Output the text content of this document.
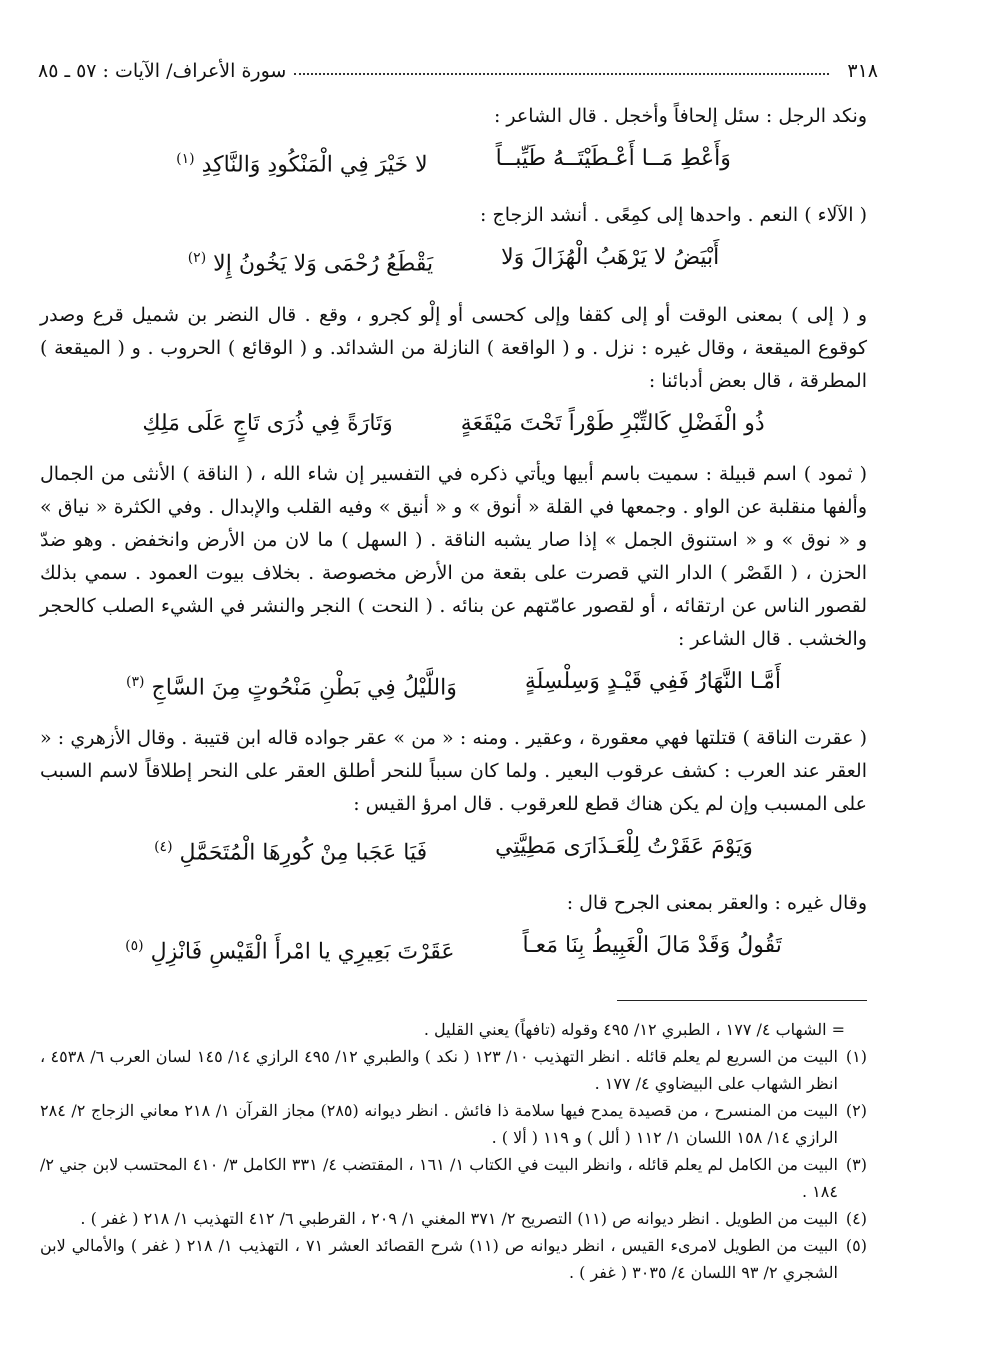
٣١٨
سورة الأعراف/ الآيات : ٥٧ ـ ٨٥

ونكد الرجل : سئل إلحافاً وأخجل . قال الشاعر :

وَأَعْطِ مَــا أَعْـطَيْتَــهُ طَيِّبــاً
لا خَيْرَ فِي الْمَنْكُودِ وَالنَّاكِدِ $^{(١)}$

( الآلاء ) النعم . واحدها إلى كمِعًى . أنشد الزجاج :

أَبْيَضُ لا يَرْهَبُ الْهُزَالَ وَلا
يَقْطَعُ رُحْمَى وَلا يَخُونُ إِلا $^{(٢)}$

و ( إلى ) بمعنى الوقت أو إلى كقفا وإلى كحسى أو إلْو كجرو ، وقع . قال النضر بن شميل قرع وصدر كوقوع الميقعة ، وقال غيره : نزل . و ( الواقعة ) النازلة من الشدائد. و ( الوقائع ) الحروب . و ( الميقعة ) المطرقة ، قال بعض أدبائنا :

ذُو الْفَضْلِ كَالتِّبْرِ طَوْراً تَحْتَ مَيْقَعَةٍ
وَتَارَةً فِي ذُرَى تَاجٍ عَلَى مَلِكِ

( ثمود ) اسم قبيلة : سميت باسم أبيها ويأتي ذكره في التفسير إن شاء الله ، ( الناقة ) الأنثى من الجمال وألفها منقلبة عن الواو . وجمعها في القلة « أنوق » و « أنيق » وفيه القلب والإبدال . وفي الكثرة « نياق » و « نوق » و « استنوق الجمل » إذا صار يشبه الناقة . ( السهل ) ما لان من الأرض وانخفض . وهو ضدّ الحزن ، ( القَصْر ) الدار التي قصرت على بقعة من الأرض مخصوصة . بخلاف بيوت العمود . سمي بذلك لقصور الناس عن ارتقائه ، أو لقصور عامّتهم عن بنائه . ( النحت ) النجر والنشر في الشيء الصلب كالحجر والخشب . قال الشاعر :

أَمَّـا النَّهَارُ فَفِي قَيْـدٍ وَسِلْسِلَةٍ
وَاللَّيْلُ فِي بَطْنِ مَنْحُوتٍ مِنَ السَّاجِ $^{(٣)}$

( عقرت الناقة ) قتلتها فهي معقورة ، وعقير . ومنه : « من » عقر جواده قاله ابن قتيبة . وقال الأزهري : « العقر عند العرب : كشف عرقوب البعير . ولما كان سبباً للنحر أطلق العقر على النحر إطلاقاً لاسم السبب على المسبب وإن لم يكن هناك قطع للعرقوب . قال امرؤ القيس :

وَيَوْمَ عَقَرْتُ لِلْعَـذَارَى مَطِيَّتِي
فَيَا عَجَبا مِنْ كُورِهَا الْمُتَحَمَّلِ $^{(٤)}$

وقال غيره : والعقر بمعنى الجرح قال :

تَقُولُ وَقَدْ مَالَ الْغَبِيطُ بِنَا مَعـاً
عَقَرْتَ بَعِيرِي يا امْرأَ الْقَيْسِ فَانْزِلِ $^{(٥)}$

= الشهاب ٤/ ١٧٧ ، الطبري ١٢/ ٤٩٥ وقوله (تافهاً) يعني القليل .

(١)
البيت من السريع لم يعلم قائله . انظر التهذيب ١٠/ ١٢٣ ( نكد ) والطبري ١٢/ ٤٩٥ الرازي ١٤/ ١٤٥ لسان العرب ٦/ ٤٥٣٨ ، انظر الشهاب على البيضاوي ٤/ ١٧٧ .
(٢)
البيت من المنسرح ، من قصيدة يمدح فيها سلامة ذا فائش . انظر ديوانه (٢٨٥) مجاز القرآن ١/ ٢١٨ معاني الزجاج ٢/ ٢٨٤ الرازي ١٤/ ١٥٨ اللسان ١/ ١١٢ ( ألل ) و ١١٩ ( ألا ) .
(٣)
البيت من الكامل لم يعلم قائله ، وانظر البيت في الكتاب ١/ ١٦١ ، المقتضب ٤/ ٣٣١ الكامل ٣/ ٤١٠ المحتسب لابن جني ٢/ ١٨٤ .
(٤)
البيت من الطويل . انظر ديوانه ص (١١) التصريح ٢/ ٣٧١ المغني ١/ ٢٠٩ ، القرطبي ٦/ ٤١٢ التهذيب ١/ ٢١٨ ( غفر ) .
(٥)
البيت من الطويل لامرىء القيس ، انظر ديوانه ص (١١) شرح القصائد العشر ٧١ ، التهذيب ١/ ٢١٨ ( غفر ) والأمالي لابن الشجري ٢/ ٩٣ اللسان ٤/ ٣٠٣٥ ( غفر ) .
